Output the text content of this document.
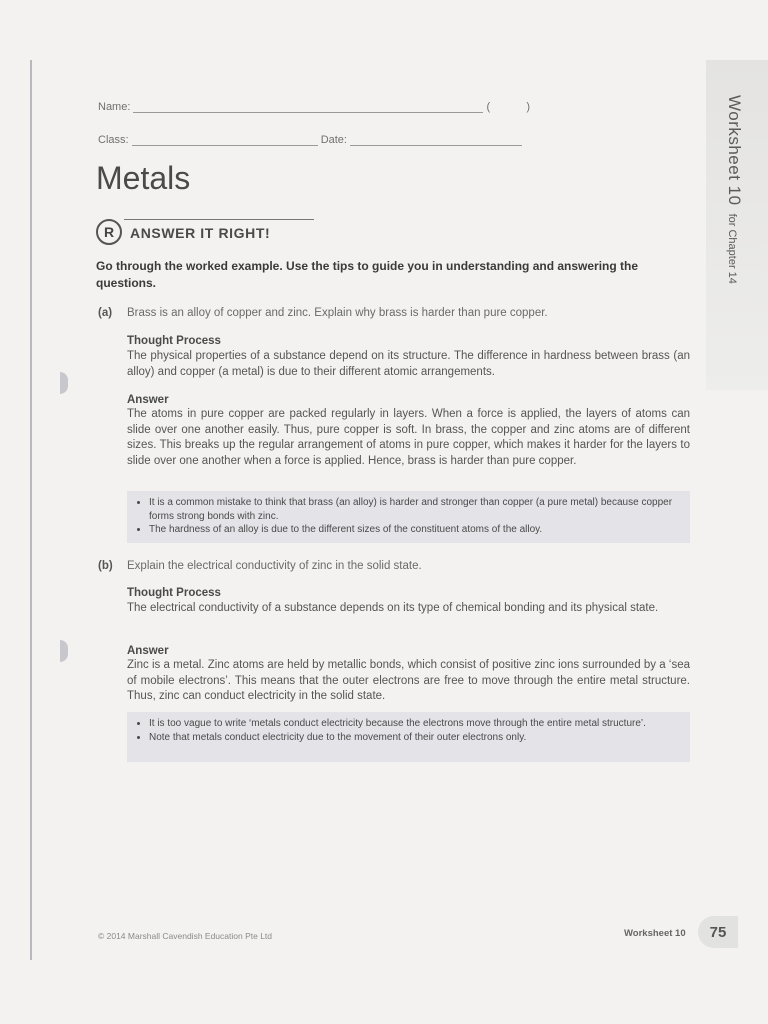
Worksheet 10for Chapter 14
Name:	(	)
Class:	Date:
Metals
R	ANSWER IT RIGHT!
Go through the worked example. Use the tips to guide you in understanding and answering the questions.
(a) Brass is an alloy of copper and zinc. Explain why brass is harder than pure copper.
Thought Process
The physical properties of a substance depend on its structure. The difference in hardness between brass (an alloy) and copper (a metal) is due to their different atomic arrangements.
Answer
The atoms in pure copper are packed regularly in layers. When a force is applied, the layers of atoms can slide over one another easily. Thus, pure copper is soft. In brass, the copper and zinc atoms are of different sizes. This breaks up the regular arrangement of atoms in pure copper, which makes it harder for the layers to slide over one another when a force is applied. Hence, brass is harder than pure copper.
• It is a common mistake to think that brass (an alloy) is harder and stronger than copper (a pure metal) because copper forms strong bonds with zinc.
• The hardness of an alloy is due to the different sizes of the constituent atoms of the alloy.
(b) Explain the electrical conductivity of zinc in the solid state.
Thought Process
The electrical conductivity of a substance depends on its type of chemical bonding and its physical state.
Answer
Zinc is a metal. Zinc atoms are held by metallic bonds, which consist of positive zinc ions surrounded by a ‘sea of mobile electrons’. This means that the outer electrons are free to move through the entire metal structure. Thus, zinc can conduct electricity in the solid state.
• It is too vague to write ‘metals conduct electricity because the electrons move through the entire metal structure’.
• Note that metals conduct electricity due to the movement of their outer electrons only.
© 2014 Marshall Cavendish Education Pte Ltd	Worksheet 10	75
